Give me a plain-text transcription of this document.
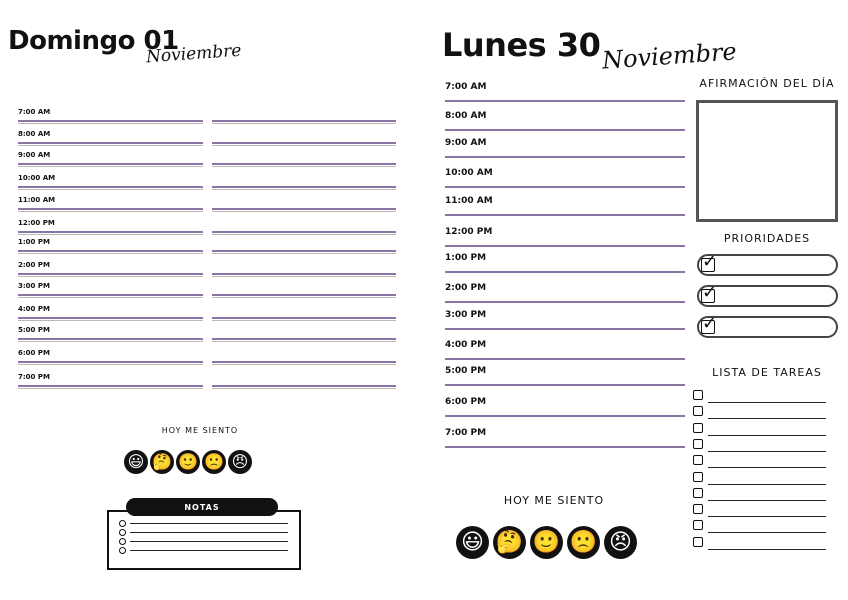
Domingo 01
Noviembre
7:00 AM
8:00 AM
9:00 AM
10:00 AM
11:00 AM
12:00 PM
1:00 PM
2:00 PM
3:00 PM
4:00 PM
5:00 PM
6:00 PM
7:00 PM
HOY ME SIENTO
😃 🤔 🙂 🙁 😠
NOTAS
Lunes 30 Noviembre
7:00 AM
8:00 AM
9:00 AM
10:00 AM
11:00 AM
12:00 PM
1:00 PM
2:00 PM
3:00 PM
4:00 PM
5:00 PM
6:00 PM
7:00 PM
AFIRMACIÓN DEL DÍA
PRIORIDADES
✓
✓
✓
LISTA DE TAREAS
HOY ME SIENTO
😃 🤔 🙂 🙁 😠
